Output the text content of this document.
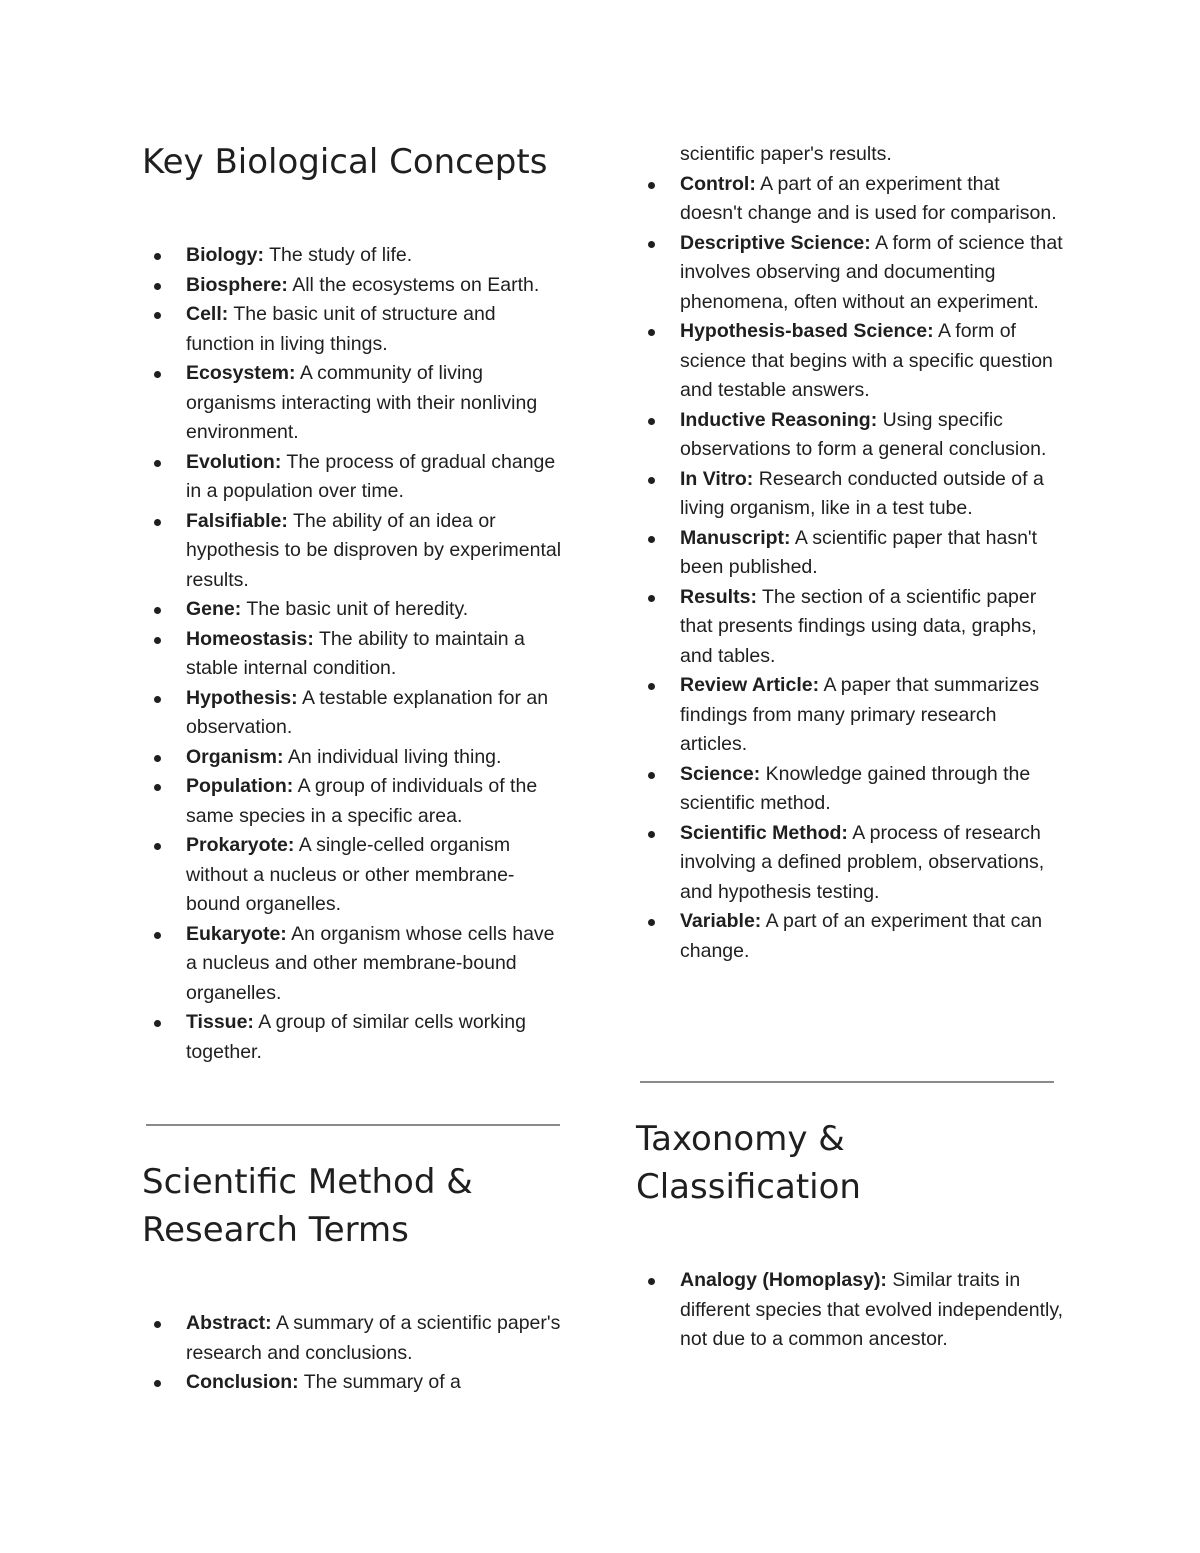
Key Biological Concepts
Biology: The study of life.
Biosphere: All the ecosystems on Earth.
Cell: The basic unit of structure and function in living things.
Ecosystem: A community of living organisms interacting with their nonliving environment.
Evolution: The process of gradual change in a population over time.
Falsifiable: The ability of an idea or hypothesis to be disproven by experimental results.
Gene: The basic unit of heredity.
Homeostasis: The ability to maintain a stable internal condition.
Hypothesis: A testable explanation for an observation.
Organism: An individual living thing.
Population: A group of individuals of the same species in a specific area.
Prokaryote: A single-celled organism without a nucleus or other membrane-bound organelles.
Eukaryote: An organism whose cells have a nucleus and other membrane-bound organelles.
Tissue: A group of similar cells working together.
Scientific Method &
Research Terms
Abstract: A summary of a scientific paper's research and conclusions.
Conclusion: The summary of a
scientific paper's results.
Control: A part of an experiment that doesn't change and is used for comparison.
Descriptive Science: A form of science that involves observing and documenting phenomena, often without an experiment.
Hypothesis-based Science: A form of science that begins with a specific question and testable answers.
Inductive Reasoning: Using specific observations to form a general conclusion.
In Vitro: Research conducted outside of a living organism, like in a test tube.
Manuscript: A scientific paper that hasn't been published.
Results: The section of a scientific paper that presents findings using data, graphs, and tables.
Review Article: A paper that summarizes findings from many primary research articles.
Science: Knowledge gained through the scientific method.
Scientific Method: A process of research involving a defined problem, observations, and hypothesis testing.
Variable: A part of an experiment that can change.
Taxonomy &
Classification
Analogy (Homoplasy): Similar traits in different species that evolved independently, not due to a common ancestor.
